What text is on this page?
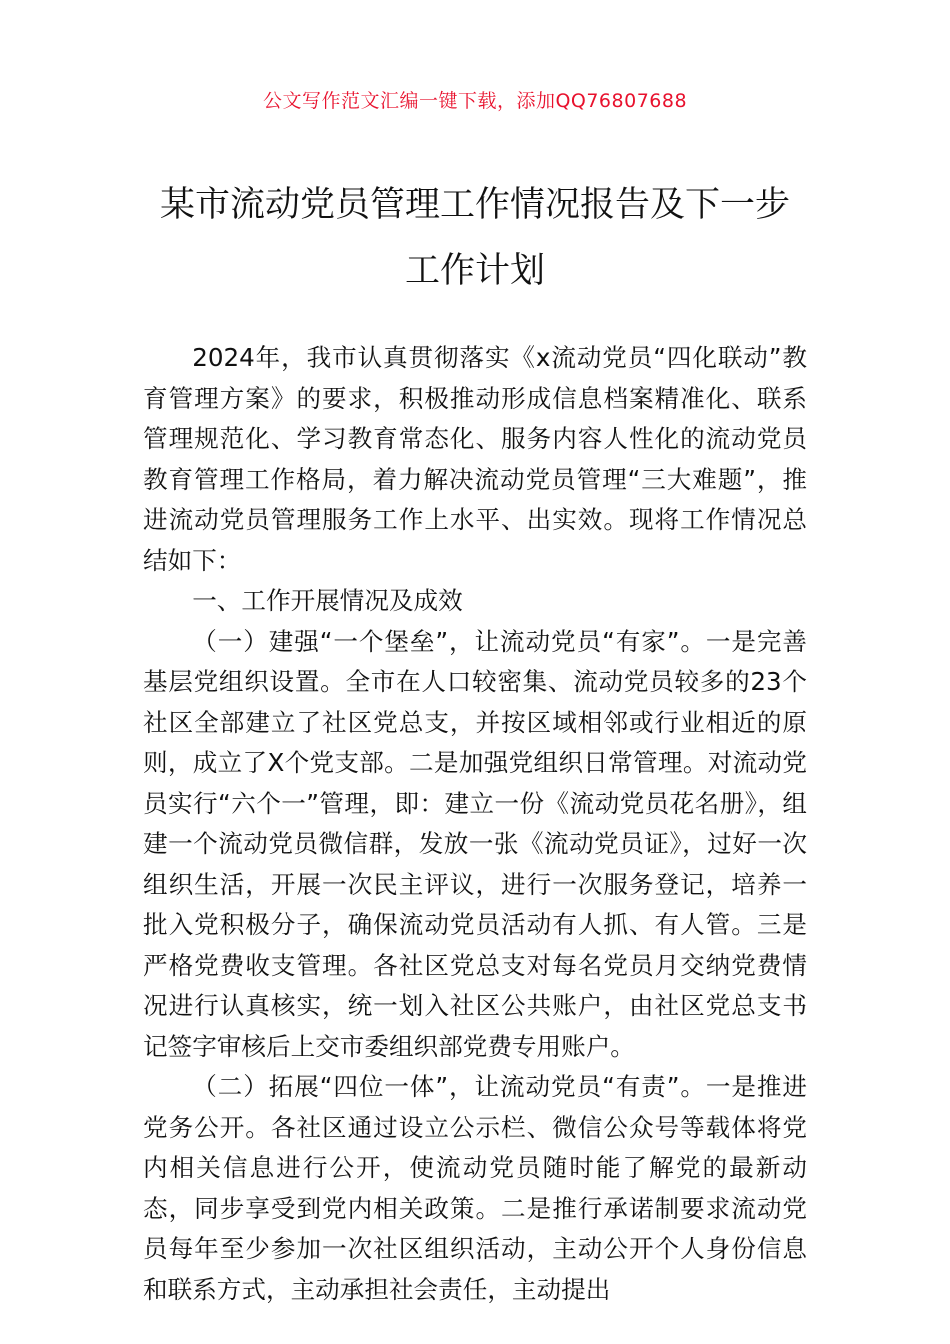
公文写作范文汇编一键下载，添加QQ76807688
某市流动党员管理工作情况报告及下一步
工作计划

2024年，我市认真贯彻落实《x流动党员“四化联动”教育管理方案》的要求，积极推动形成信息档案精准化、联系管理规范化、学习教育常态化、服务内容人性化的流动党员教育管理工作格局，着力解决流动党员管理“三大难题”，推进流动党员管理服务工作上水平、出实效。现将工作情况总结如下：

一、工作开展情况及成效

（一）建强“一个堡垒”，让流动党员“有家”。一是完善基层党组织设置。全市在人口较密集、流动党员较多的23个社区全部建立了社区党总支，并按区域相邻或行业相近的原则，成立了X个党支部。二是加强党组织日常管理。对流动党员实行“六个一”管理，即：建立一份《流动党员花名册》，组建一个流动党员微信群，发放一张《流动党员证》，过好一次组织生活，开展一次民主评议，进行一次服务登记，培养一批入党积极分子，确保流动党员活动有人抓、有人管。三是严格党费收支管理。各社区党总支对每名党员月交纳党费情况进行认真核实，统一划入社区公共账户，由社区党总支书记签字审核后上交市委组织部党费专用账户。

（二）拓展“四位一体”，让流动党员“有责”。一是推进党务公开。各社区通过设立公示栏、微信公众号等载体将党内相关信息进行公开，使流动党员随时能了解党的最新动态，同步享受到党内相关政策。二是推行承诺制要求流动党员每年至少参加一次社区组织活动，主动公开个人身份信息和联系方式，主动承担社会责任，主动提出
